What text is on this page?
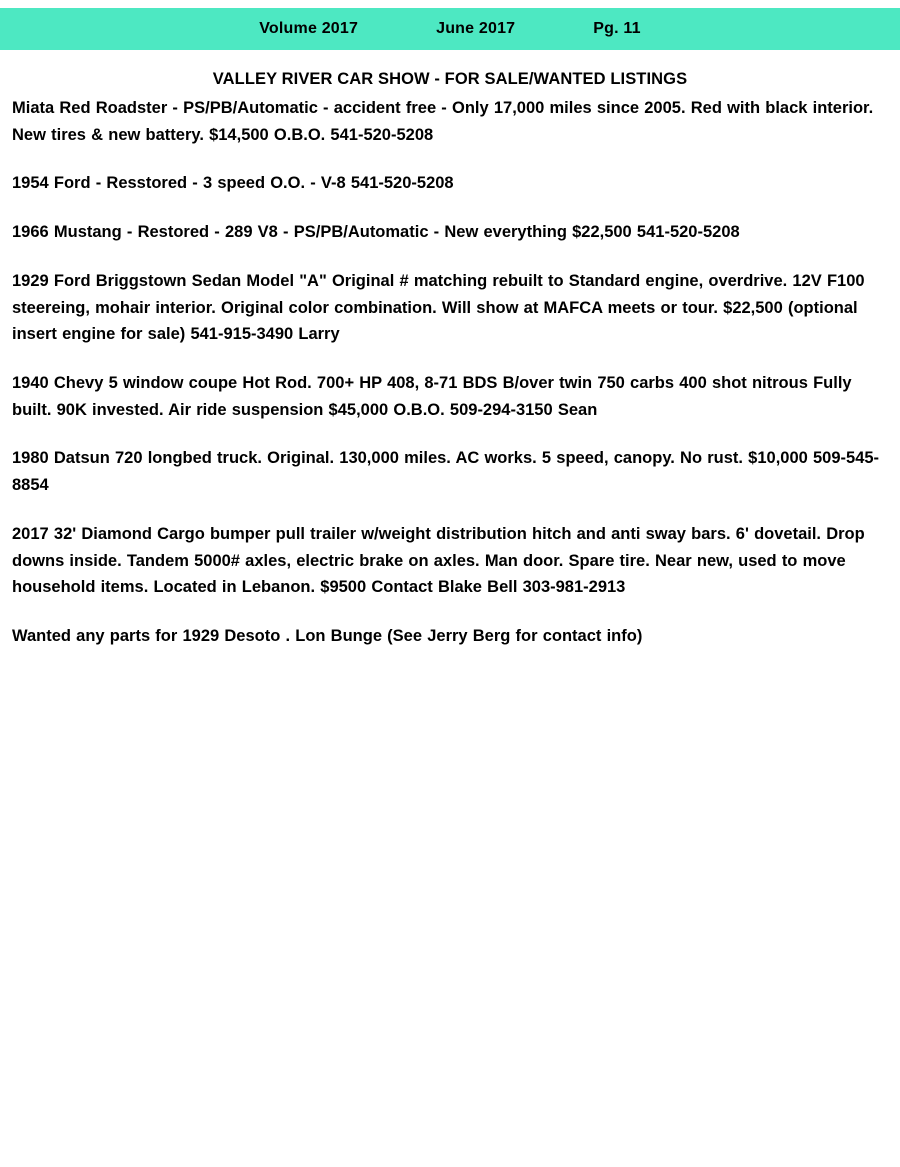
Volume 2017	June 2017	Pg. 11
VALLEY RIVER CAR SHOW - FOR SALE/WANTED LISTINGS

Miata Red Roadster - PS/PB/Automatic - accident free - Only 17,000 miles since 2005. Red with black interior. New tires & new battery. $14,500 O.B.O. 541-520-5208

1954 Ford - Resstored - 3 speed O.O. - V-8 541-520-5208

1966 Mustang - Restored - 289 V8 - PS/PB/Automatic - New everything $22,500 541-520-5208

1929 Ford Briggstown Sedan Model "A" Original # matching rebuilt to Standard engine, overdrive. 12V F100 steereing, mohair interior. Original color combination. Will show at MAFCA meets or tour. $22,500 (optional insert engine for sale) 541-915-3490 Larry

1940 Chevy 5 window coupe Hot Rod. 700+ HP 408, 8-71 BDS B/over twin 750 carbs 400 shot nitrous Fully built. 90K invested. Air ride suspension $45,000 O.B.O. 509-294-3150 Sean

1980 Datsun 720 longbed truck. Original. 130,000 miles. AC works. 5 speed, canopy. No rust. $10,000 509-545-8854

2017 32' Diamond Cargo bumper pull trailer w/weight distribution hitch and anti sway bars. 6' dovetail. Drop downs inside. Tandem 5000# axles, electric brake on axles. Man door. Spare tire. Near new, used to move household items. Located in Lebanon. $9500 Contact Blake Bell 303-981-2913

Wanted any parts for 1929 Desoto . Lon Bunge (See Jerry Berg for contact info)
